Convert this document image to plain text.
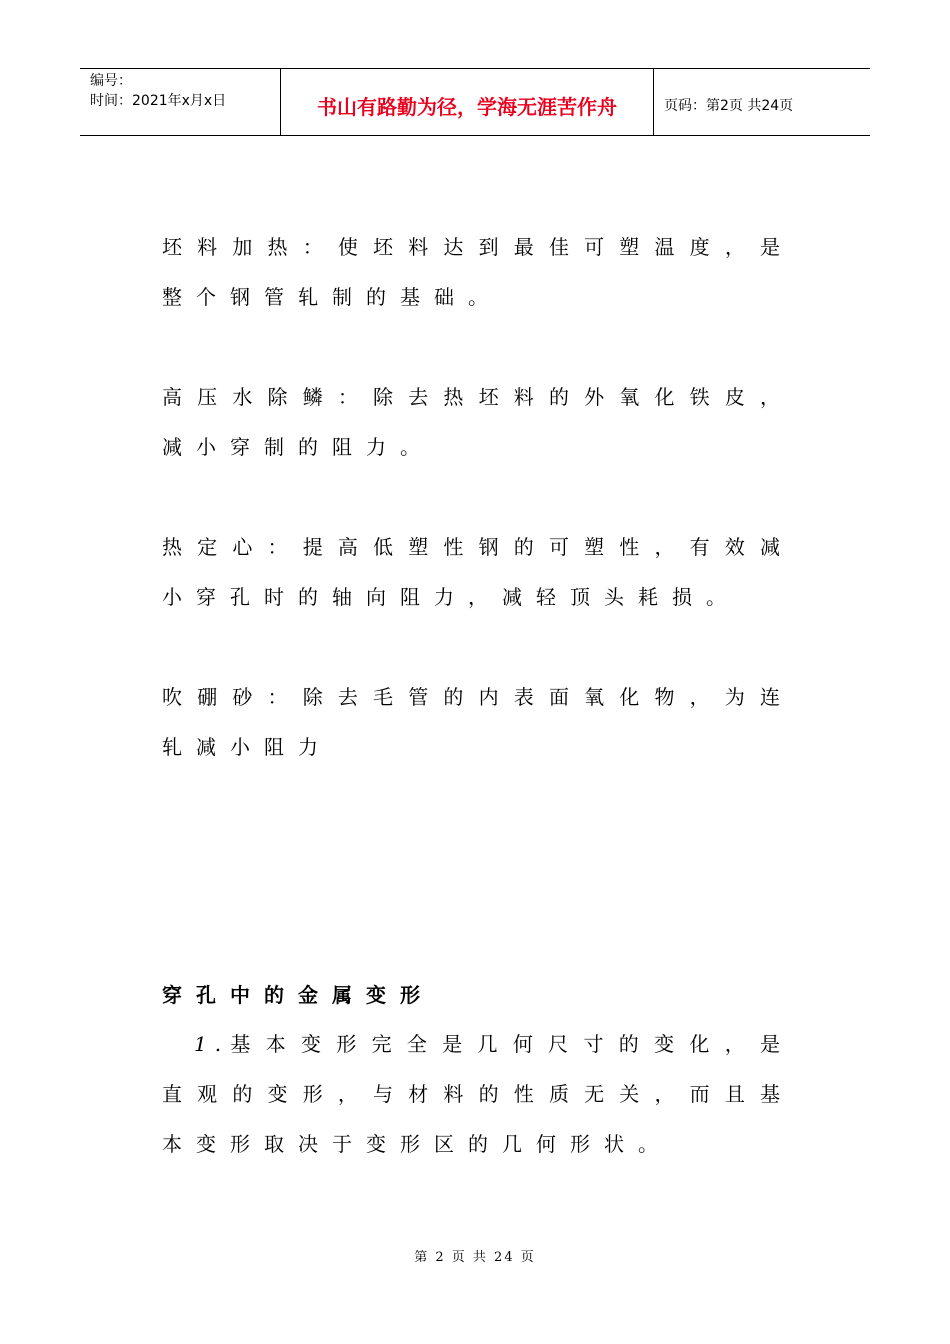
编号：
时间：2021年x月x日	书山有路勤为径，学海无涯苦作舟	页码：第2页 共24页

坯料加热：使坯料达到最佳可塑温度，是整个钢管轧制的基础。

高压水除鳞：除去热坯料的外氧化铁皮，减小穿制的阻力。

热定心：提高低塑性钢的可塑性，有效减小穿孔时的轴向阻力，减轻顶头耗损。

吹硼砂：除去毛管的内表面氧化物，为连轧减小阻力

穿孔中的金属变形
1.基本变形完全是几何尺寸的变化，是直观的变形，与材料的性质无关，而且基本变形取决于变形区的几何形状。
第 2 页 共 24 页
